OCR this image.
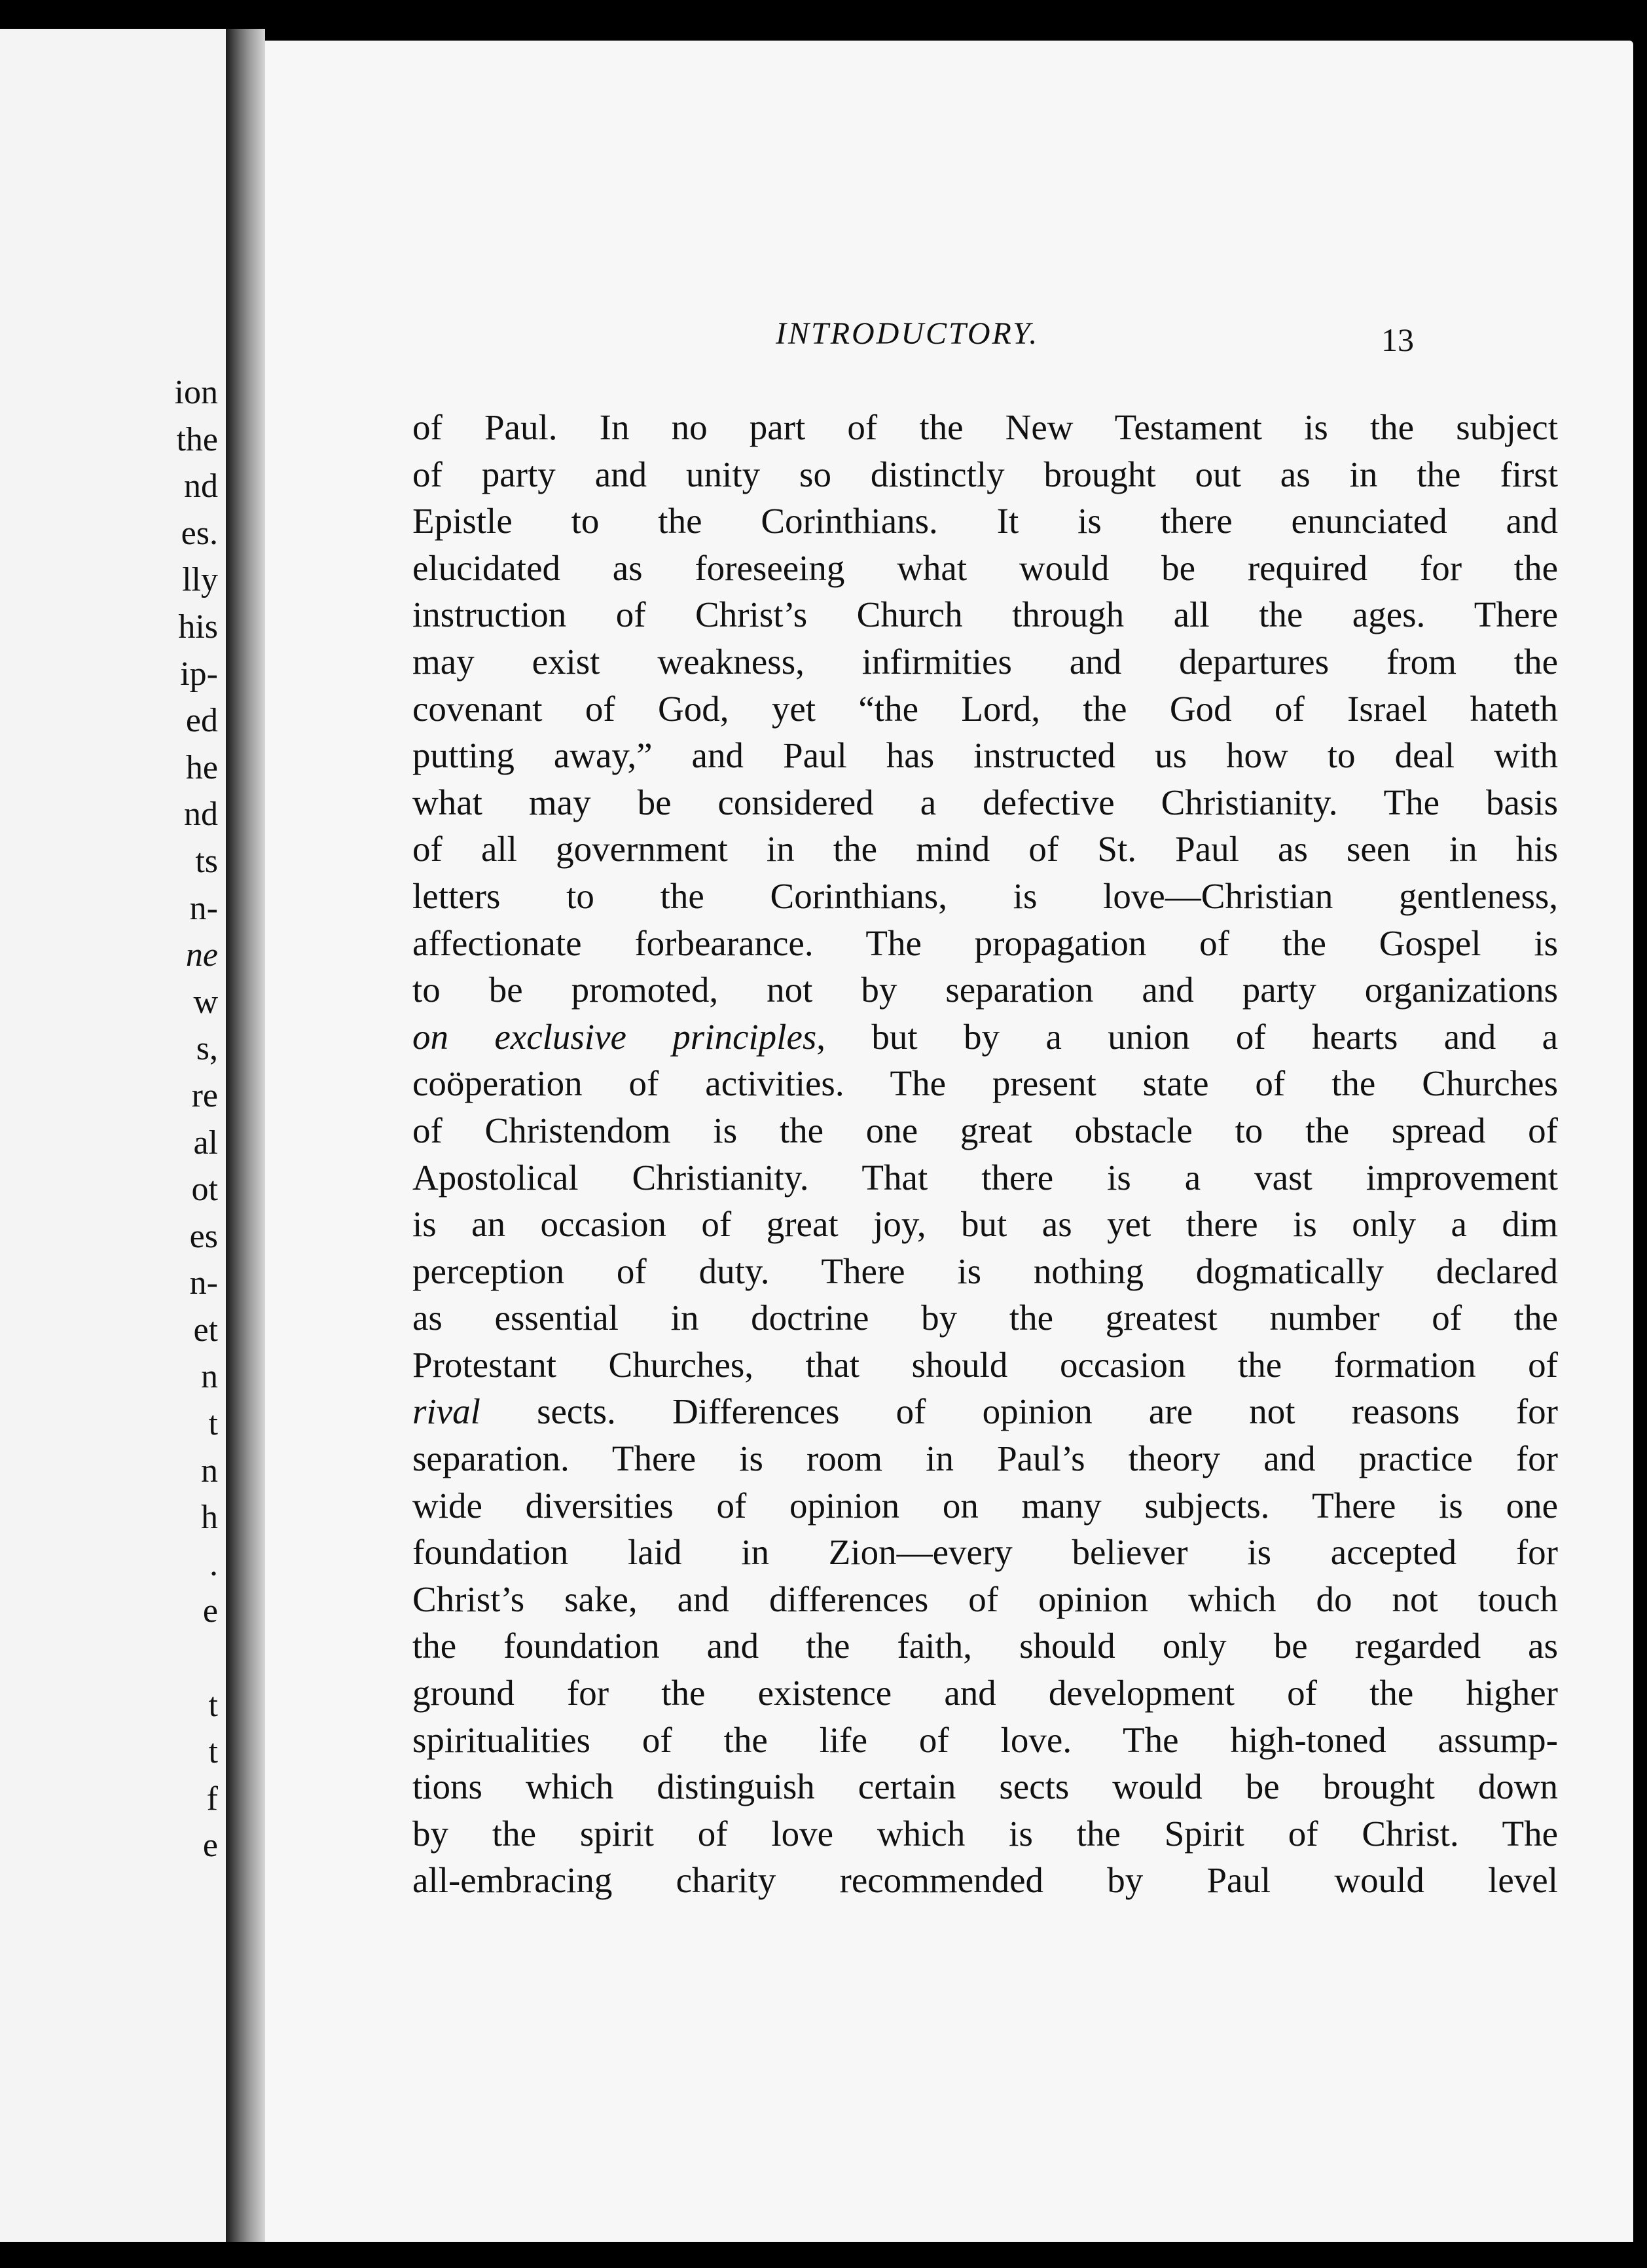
ion
the
nd
es.
lly
his
ip-
ed
he
nd
ts
n-
ne
w
s,
re
al
ot
es
n-
et
n
t
n
h
.
e

t
t
f
e
INTRODUCTORY.	13
of Paul. In no part of the New Testament is the subject
of party and unity so distinctly brought out as in the first
Epistle to the Corinthians. It is there enunciated and
elucidated as foreseeing what would be required for the
instruction of Christ’s Church through all the ages. There
may exist weakness, infirmities and departures from the
covenant of God, yet “the Lord, the God of Israel hateth
putting away,” and Paul has instructed us how to deal with
what may be considered a defective Christianity. The basis
of all government in the mind of St. Paul as seen in his
letters to the Corinthians, is love—Christian gentleness,
affectionate forbearance. The propagation of the Gospel is
to be promoted, not by separation and party organizations
on exclusive principles, but by a union of hearts and a
coöperation of activities. The present state of the Churches
of Christendom is the one great obstacle to the spread of
Apostolical Christianity. That there is a vast improvement
is an occasion of great joy, but as yet there is only a dim
perception of duty. There is nothing dogmatically declared
as essential in doctrine by the greatest number of the
Protestant Churches, that should occasion the formation of
rival sects. Differences of opinion are not reasons for
separation. There is room in Paul’s theory and practice for
wide diversities of opinion on many subjects. There is one
foundation laid in Zion—every believer is accepted for
Christ’s sake, and differences of opinion which do not touch
the foundation and the faith, should only be regarded as
ground for the existence and development of the higher
spiritualities of the life of love. The high-toned assump-
tions which distinguish certain sects would be brought down
by the spirit of love which is the Spirit of Christ. The
all-embracing charity recommended by Paul would level
